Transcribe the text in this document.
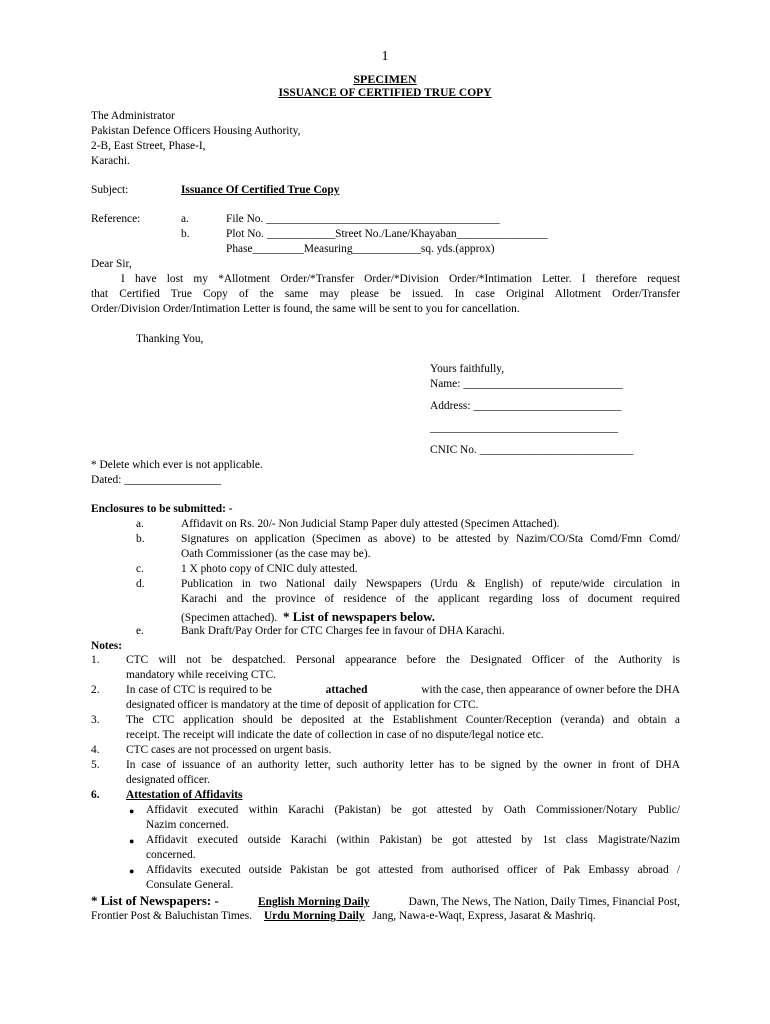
1
SPECIMEN
ISSUANCE OF CERTIFIED TRUE COPY
The Administrator
Pakistan Defence Officers Housing Authority,
2-B, East Street, Phase-I,
Karachi.
Subject:	Issuance Of Certified True Copy
Reference:	a.	File No. _________________________________________
b.	Plot No. ____________Street No./Lane/Khayaban________________
Phase_________Measuring____________sq. yds.(approx)
Dear Sir,
I have lost my *Allotment Order/*Transfer Order/*Division Order/*Intimation Letter. I therefore request
that Certified True Copy of the same may please be issued. In case Original Allotment Order/Transfer
Order/Division Order/Intimation Letter is found, the same will be sent to you for cancellation.
Thanking You,
Yours faithfully,
Name: ____________________________
Address: __________________________
_________________________________
CNIC No. ___________________________
* Delete which ever is not applicable.
Dated: _________________
Enclosures to be submitted: -
a.	Affidavit on Rs. 20/- Non Judicial Stamp Paper duly attested (Specimen Attached).
b.	Signatures on application (Specimen as above) to be attested by Nazim/CO/Sta Comd/Fmn Comd/
Oath Commissioner (as the case may be).
c.	1 X photo copy of CNIC duly attested.
d.	Publication in two National daily Newspapers (Urdu & English) of repute/wide circulation in
Karachi and the province of residence of the applicant regarding loss of document required
(Specimen attached). * List of newspapers below.
e.	Bank Draft/Pay Order for CTC Charges fee in favour of DHA Karachi.
Notes:
1. CTC will not be despatched. Personal appearance before the Designated Officer of the Authority is
mandatory while receiving CTC.
2. In case of CTC is required to be	attached	with the case, then appearance of owner before the DHA
designated officer is mandatory at the time of deposit of application for CTC.
3. The CTC application should be deposited at the Establishment Counter/Reception (veranda) and obtain a
receipt. The receipt will indicate the date of collection in case of no dispute/legal notice etc.
4. CTC cases are not processed on urgent basis.
5. In case of issuance of an authority letter, such authority letter has to be signed by the owner in front of DHA
designated officer.
6. Attestation of Affidavits
● Affidavit executed within Karachi (Pakistan) be got attested by Oath Commissioner/Notary Public/
Nazim concerned.
● Affidavit executed outside Karachi (within Pakistan) be got attested by 1st class Magistrate/Nazim
concerned.
● Affidavits executed outside Pakistan be got attested from authorised officer of Pak Embassy abroad /
Consulate General.
* List of Newspapers: -	English Morning Daily	Dawn, The News, The Nation, Daily Times, Financial Post,
Frontier Post & Baluchistan Times. Urdu Morning Daily Jang, Nawa-e-Waqt, Express, Jasarat & Mashriq.
